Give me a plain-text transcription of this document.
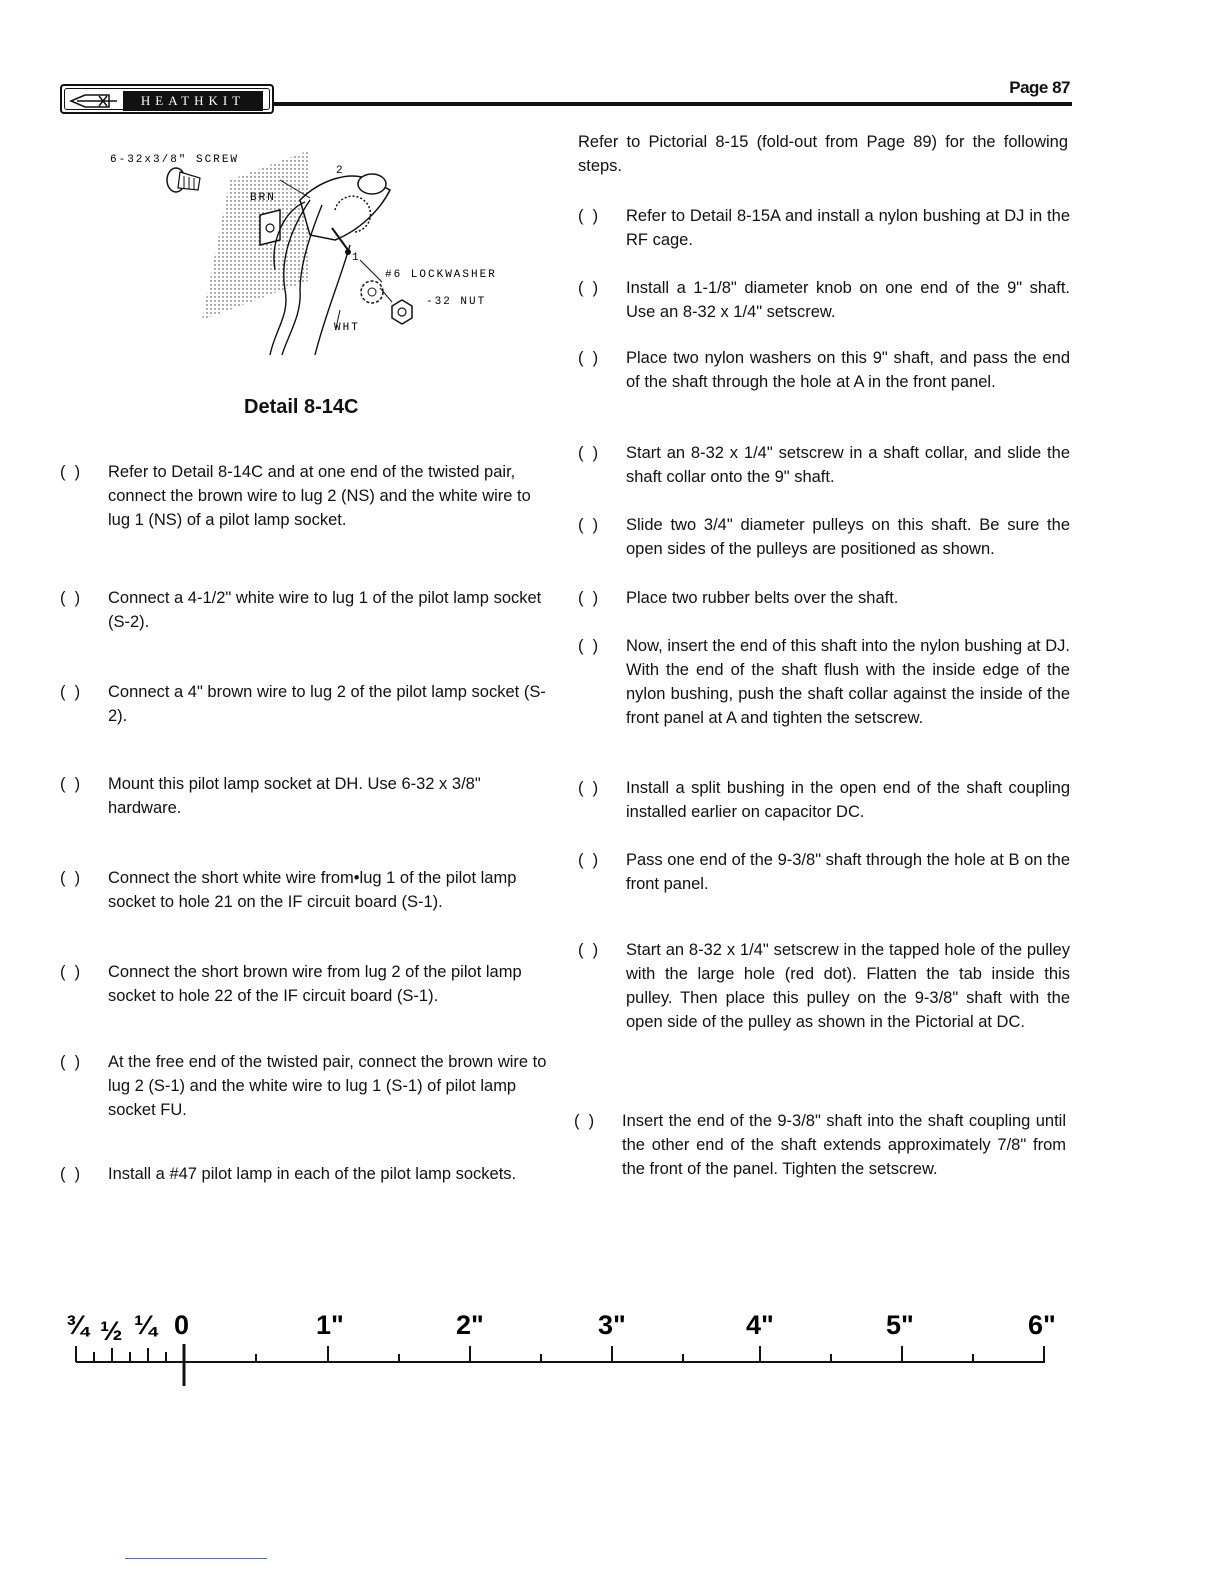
HEATHKIT
Page 87
6-32x3/8" SCREW
2
BRN
1
#6 LOCKWASHER
-32 NUT
WHT
Detail 8-14C
(  )	Refer to Detail 8-14C and at one end of the twisted pair, connect the brown wire to lug 2 (NS) and the white wire to lug 1 (NS) of a pilot lamp socket.
(  )	Connect a 4-1/2" white wire to lug 1 of the pilot lamp socket (S-2).
(  )	Connect a 4" brown wire to lug 2 of the pilot lamp socket (S-2).
(  )	Mount this pilot lamp socket at DH. Use 6-32 x 3/8" hardware.
(  )	Connect the short white wire from•lug 1 of the pilot lamp socket to hole 21 on the IF circuit board (S-1).
(  )	Connect the short brown wire from lug 2 of the pilot lamp socket to hole 22 of the IF circuit board (S-1).
(  )	At the free end of the twisted pair, connect the brown wire to lug 2 (S-1) and the white wire to lug 1 (S-1) of pilot lamp socket FU.
(  )	Install a #47 pilot lamp in each of the pilot lamp sockets.
Refer to Pictorial 8-15 (fold-out from Page 89) for the following steps.
(  )	Refer to Detail 8-15A and install a nylon bushing at DJ in the RF cage.
(  )	Install a 1-1/8" diameter knob on one end of the 9" shaft. Use an 8-32 x 1/4" setscrew.
(  )	Place two nylon washers on this 9" shaft, and pass the end of the shaft through the hole at A in the front panel.
(  )	Start an 8-32 x 1/4" setscrew in a shaft collar, and slide the shaft collar onto the 9" shaft.
(  )	Slide two 3/4" diameter pulleys on this shaft. Be sure the open sides of the pulleys are positioned as shown.
(  )	Place two rubber belts over the shaft.
(  )	Now, insert the end of this shaft into the nylon bushing at DJ. With the end of the shaft flush with the inside edge of the nylon bushing, push the shaft collar against the inside of the front panel at A and tighten the setscrew.
(  )	Install a split bushing in the open end of the shaft coupling installed earlier on capacitor DC.
(  )	Pass one end of the 9-3/8" shaft through the hole at B on the front panel.
(  )	Start an 8-32 x 1/4" setscrew in the tapped hole of the pulley with the large hole (red dot). Flatten the tab inside this pulley. Then place this pulley on the 9-3/8" shaft with the open side of the pulley as shown in the Pictorial at DC.
(  )	Insert the end of the 9-3/8" shaft into the shaft coupling until the other end of the shaft extends approximately 7/8" from the front of the panel. Tighten the setscrew.
¾ ½ ¼ 0	1"	2"	3"	4"	5"	6"
